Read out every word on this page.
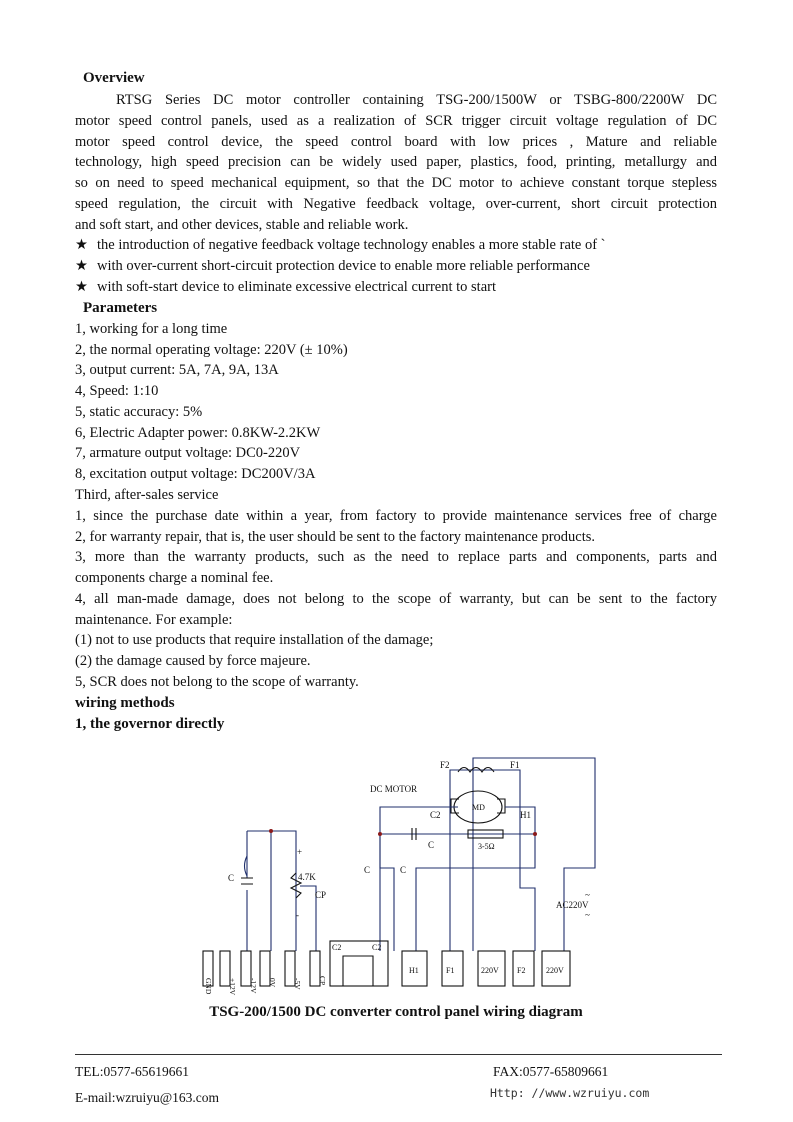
Overview
RTSG Series DC motor controller containing TSG-200/1500W or TSBG-800/2200W DC
motor speed control panels, used as a realization of SCR trigger circuit voltage regulation of DC
motor speed control device, the speed control board with low prices , Mature and reliable
technology, high speed precision can be widely used paper, plastics, food, printing, metallurgy and
so on need to speed mechanical equipment, so that the DC motor to achieve constant torque stepless
speed regulation, the circuit with Negative feedback voltage, over-current, short circuit protection
and soft start, and other devices, stable and reliable work.
★ the introduction of negative feedback voltage technology enables a more stable rate of `
★ with over-current short-circuit protection device to enable more reliable performance
★ with soft-start device to eliminate excessive electrical current to start
Parameters
1, working for a long time
2, the normal operating voltage: 220V (± 10%)
3, output current: 5A, 7A, 9A, 13A
4, Speed: 1:10
5, static accuracy: 5%
6, Electric Adapter power: 0.8KW-2.2KW
7, armature output voltage: DC0-220V
8, excitation output voltage: DC200V/3A
Third, after-sales service
1, since the purchase date within a year, from factory to provide maintenance services free of charge
2, for warranty repair, that is, the user should be sent to the factory maintenance products.
3, more than the warranty products, such as the need to replace parts and components, parts and
components charge a nominal fee.
4, all man-made damage, does not belong to the scope of warranty, but can be sent to the factory
maintenance. For example:
(1) not to use products that require installation of the damage;
(2) the damage caused by force majeure.
5, SCR does not belong to the scope of warranty.
wiring methods
1, the governor directly
F2	F1
DC MOTOR
MD
C2	H1
C	3-5Ω
C	C
C
+
4.7K
CP
-
~
AC220V
~
C2	C2
H1	F1	220V F2	220V
GND +12V -12V 0V -5V CP
TSG-200/1500 DC converter control panel wiring diagram
TEL:0577-65619661	FAX:0577-65809661
E-mail:wzruiyu@163.com	Http: //www.wzruiyu.com
